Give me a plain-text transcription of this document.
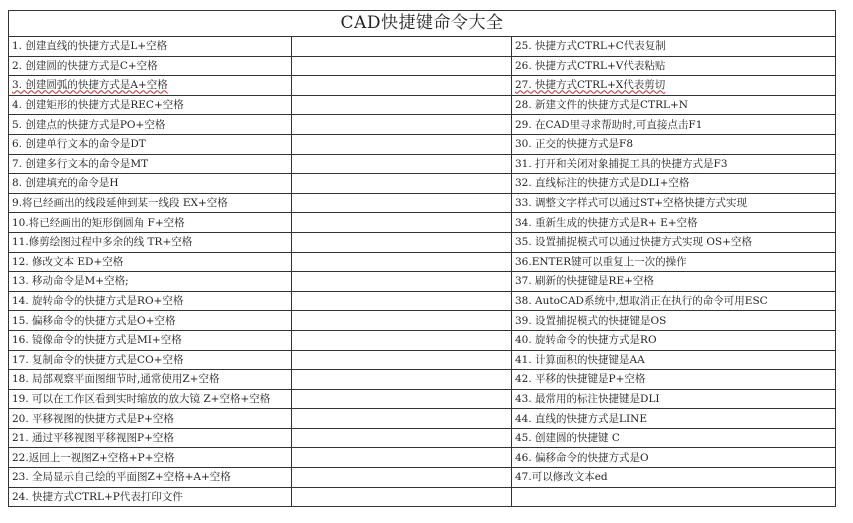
CAD快捷键命令大全		
1. 创建直线的快捷方式是L+空格		25. 快捷方式CTRL+C代表复制
2. 创建圆的快捷方式是C+空格		26. 快捷方式CTRL+V代表粘贴
3. 创建圆弧的快捷方式是A+空格		27. 快捷方式CTRL+X代表剪切
4. 创建矩形的快捷方式是REC+空格		28. 新建文件的快捷方式是CTRL+N
5. 创建点的快捷方式是PO+空格		29. 在CAD里寻求帮助时,可直接点击F1
6. 创建单行文本的命令是DT		30. 正交的快捷方式是F8
7. 创建多行文本的命令是MT		31. 打开和关闭对象捕捉工具的快捷方式是F3
8. 创建填充的命令是H		32. 直线标注的快捷方式是DLI+空格
9.将已经画出的线段延伸到某一线段 EX+空格		33. 调整文字样式可以通过ST+空格快捷方式实现
10.将已经画出的矩形倒圆角 F+空格		34. 重新生成的快捷方式是R+ E+空格
11.修剪绘图过程中多余的线 TR+空格		35. 设置捕捉模式可以通过快捷方式实现 OS+空格
12. 修改文本 ED+空格		36.ENTER键可以重复上一次的操作
13. 移动命令是M+空格;		37. 刷新的快捷键是RE+空格
14. 旋转命令的快捷方式是RO+空格		38. AutoCAD系统中,想取消正在执行的命令可用ESC
15. 偏移命令的快捷方式是O+空格		39. 设置捕捉模式的快捷键是OS
16. 镜像命令的快捷方式是MI+空格		40. 旋转命令的快捷方式是RO
17. 复制命令的快捷方式是CO+空格		41. 计算面积的快捷键是AA
18. 局部观察平面图细节时,通常使用Z+空格		42. 平移的快捷键是P+空格
19. 可以在工作区看到实时缩放的放大镜 Z+空格+空格		43. 最常用的标注快捷键是DLI
20. 平移视图的快捷方式是P+空格		44. 直线的快捷方式是LINE
21. 通过平移视图平移视图P+空格		45. 创建圆的快捷键 C
22.返回上一视图Z+空格+P+空格		46. 偏移命令的快捷方式是O
23. 全局显示自己绘的平面图Z+空格+A+空格		47.可以修改文本ed
24. 快捷方式CTRL+P代表打印文件		
